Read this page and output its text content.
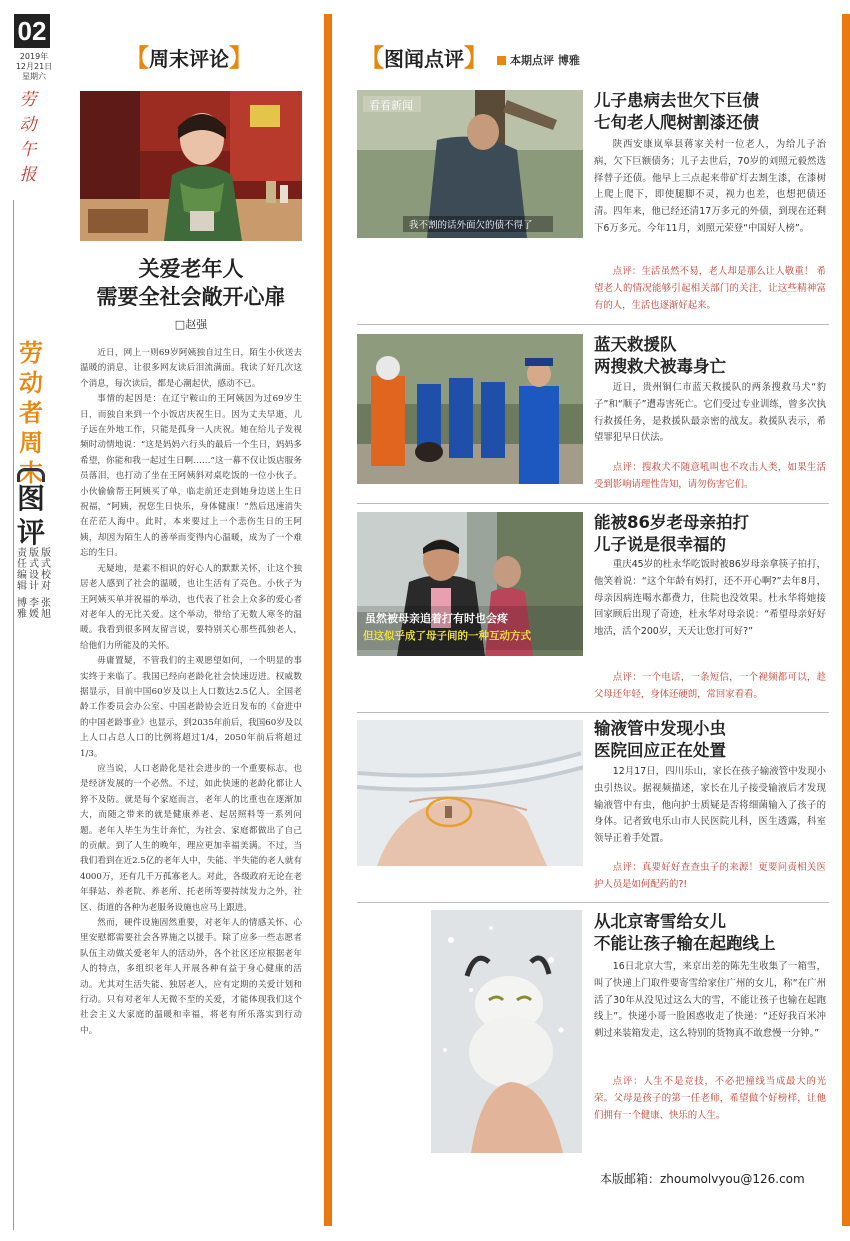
02
2019年
12月21日
星期六
劳动午报
劳动者周末
图评
版式校对
张旭
版式设计
李媛
责任编辑
博雅
【周末评论】
关爱老年人
需要全社会敞开心扉
□赵强

近日，网上一则69岁阿姨独自过生日，陌生小伙送去温暖的消息，让很多网友读后泪流满面。我读了好几次这个消息，每次读后，都是心潮起伏，感动不已。

事情的起因是：在辽宁鞍山的王阿姨因为过69岁生日，而独自来到一个小饭店庆祝生日。因为丈夫早逝，儿子远在外地工作，只能是孤身一人庆祝。她在给儿子发视频时动情地说：“这是妈妈六行头的最后一个生日，妈妈多希望，你能和我一起过生日啊……”这一幕不仅让饭店服务员落泪，也打动了坐在王阿姨斜对桌吃饭的一位小伙子。小伙偷偷帮王阿姨买了单，临走前还走到她身边送上生日祝福，“阿姨，祝您生日快乐，身体健康！”然后迅速消失在茫茫人海中。此时，本来要过上一个悲伤生日的王阿姨，却因为陌生人的善举而变得内心温暖，成为了一个难忘的生日。

无疑地，是素不相识的好心人的默默关怀，让这个独居老人感到了社会的温暖，也让生活有了亮色。小伙子为王阿姨买单并祝福的举动，也代表了社会上众多的爱心者对老年人的无比关爱。这个举动，带给了无数人寒冬的温暖。我看到很多网友留言说，要特别关心那些孤独老人，给他们力所能及的关怀。

毋庸置疑，不管我们的主观愿望如何，一个明显的事实终于来临了。我国已经向老龄化社会快速迈进。权威数据显示，目前中国60岁及以上人口数达2.5亿人。全国老龄工作委员会办公室、中国老龄协会近日发布的《奋进中的中国老龄事业》也显示，到2035年前后，我国60岁及以上人口占总人口的比例将超过1/4，2050年前后将超过1/3。

应当说，人口老龄化是社会进步的一个重要标志，也是经济发展的一个必然。不过，如此快速的老龄化都让人猝不及防。就是每个家庭而言，老年人的比重也在逐渐加大，而随之带来的就是健康养老、起居照料等一系列问题。老年人毕生为生计奔忙，为社会、家庭都做出了自己的贡献。到了人生的晚年，理应更加幸福美满。不过，当我们看到在近2.5亿的老年人中，失能、半失能的老人就有4000万，还有几千万孤寡老人。对此，各级政府无论在老年驿站、养老院、养老所、托老所等要持续发力之外，社区、街道的各种为老服务设施也应马上跟进。

然而，硬件设施固然重要，对老年人的情感关怀、心里安慰都需要社会各界施之以援手。除了应多一些志愿者队伍主动做关爱老年人的活动外，各个社区还应根据老年人的特点，多组织老年人开展各种有益于身心健康的活动。尤其对生活失能、独居老人，应有定期的关爱计划和行动。只有对老年人无微不至的关爱，才能体现我们这个社会主义大家庭的温暖和幸福，将老有所乐落实到行动中。

【图闻点评】	本期点评 博雅
看看新闻
我不割的话外面欠的债不得了
儿子患病去世欠下巨债
七旬老人爬树割漆还债
陕西安康岚皋县蒋家关村一位老人，为给儿子治病，欠下巨额债务；儿子去世后，70岁的刘照元毅然选择替子还债。他早上三点起来带矿灯去割生漆，在漆树上爬上爬下，即使腿脚不灵，视力也差，也想把债还清。四年来，他已经还清17万多元的外债，到现在还剩下6万多元。今年11月，刘照元荣登“中国好人榜”。
点评：生活虽然不易，老人却是那么让人敬重！ 希望老人的情况能够引起相关部门的关注，让这些精神富有的人，生活也逐渐好起来。
蓝天救援队
两搜救犬被毒身亡
近日，贵州铜仁市蓝天救援队的两条搜救马犬“豹子”和“顺子”遭毒害死亡。它们受过专业训练，曾多次执行救援任务，是救援队最亲密的战友。救援队表示，希望罪犯早日伏法。
点评：搜救犬不随意吼叫也不攻击人类，如果生活受到影响请理性告知，请勿伤害它们。
虽然被母亲追着打有时也会疼
但这似乎成了母子间的一种互动方式
能被86岁老母亲拍打
儿子说是很幸福的
重庆45岁的杜永华吃饭时被86岁母亲拿筷子拍打，他笑着说：“这个年龄有妈打，还不开心啊?”去年8月，母亲因病连喝水都费力，住院也没效果。杜永华将她接回家顾后出现了奇迹，杜永华对母亲说：“希望母亲好好地活，活个200岁，天天让您打可好?”
点评：一个电话，一条短信，一个视频都可以，趁父母还年轻，身体还硬朗，常回家看看。
输液管中发现小虫
医院回应正在处置
12月17日，四川乐山，家长在孩子输液管中发现小虫引热议。据视频描述，家长在儿子接受输液后才发现输液管中有虫，他向护士质疑是否将细菌输入了孩子的身体。记者致电乐山市人民医院儿科，医生透露，科室领导正着手处置。
点评：真要好好查查虫子的来源！更要问责相关医护人员是如何配药的?!
从北京寄雪给女儿
不能让孩子输在起跑线上
16日北京大雪，来京出差的陈先生收集了一箱雪，叫了快递上门取件要寄雪给家住广州的女儿，称“在广州活了30年从没见过这么大的雪，不能让孩子也输在起跑线上”。快递小哥一脸困惑收走了快递：“还好我百米冲刺过来装箱发走，这么特别的货物真不敢怠慢一分钟。”
点评：人生不是竞技，不必把撞线当成最大的光荣。父母是孩子的第一任老师，希望做个好榜样，让他们拥有一个健康、快乐的人生。
本版邮箱：zhoumolvyou@126.com
